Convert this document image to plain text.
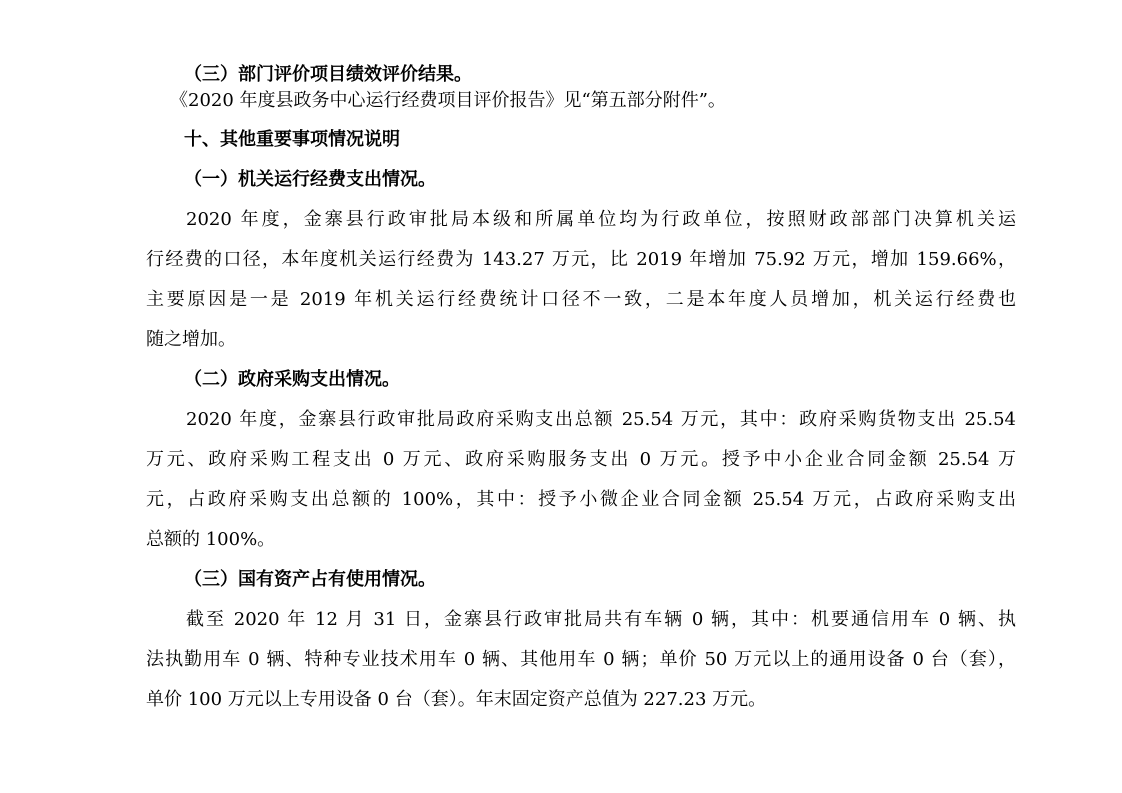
（三）部门评价项目绩效评价结果。
《2020 年度县政务中心运行经费项目评价报告》见“第五部分附件”。
十、其他重要事项情况说明
（一）机关运行经费支出情况。
2020 年度，金寨县行政审批局本级和所属单位均为行政单位，按照财政部部门决算机关运
行经费的口径，本年度机关运行经费为 143.27 万元，比 2019 年增加 75.92 万元，增加 159.66%，
主要原因是一是 2019 年机关运行经费统计口径不一致，二是本年度人员增加，机关运行经费也
随之增加。
（二）政府采购支出情况。
2020 年度，金寨县行政审批局政府采购支出总额 25.54 万元，其中：政府采购货物支出 25.54
万元、政府采购工程支出 0 万元、政府采购服务支出 0 万元。授予中小企业合同金额 25.54 万
元，占政府采购支出总额的 100%，其中：授予小微企业合同金额 25.54 万元，占政府采购支出
总额的 100%。
（三）国有资产占有使用情况。
截至 2020 年 12 月 31 日，金寨县行政审批局共有车辆 0 辆，其中：机要通信用车 0 辆、执
法执勤用车 0 辆、特种专业技术用车 0 辆、其他用车 0 辆；单价 50 万元以上的通用设备 0 台（套），
单价 100 万元以上专用设备 0 台（套）。年末固定资产总值为 227.23 万元。
